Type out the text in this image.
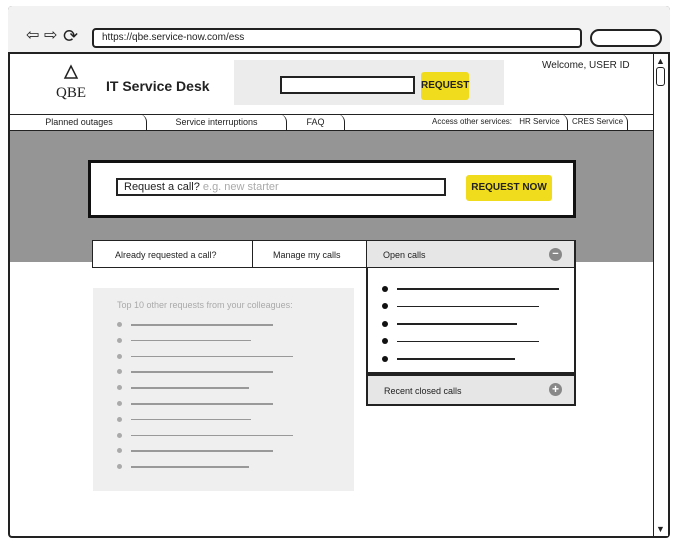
⇦ ⇨ ⟳	https://qbe.service-now.com/ess
▲
▼
QBE IT Service Desk	REQUEST
Welcome, USER ID
Planned outages	Service interruptions	FAQ	Access other services: HR Service	CRES Service
Request a call? e.g. new starter	REQUEST NOW
Already requested a call?	Manage my calls	Open calls	−
Top 10 other requests from your colleagues:
Recent closed calls	+
